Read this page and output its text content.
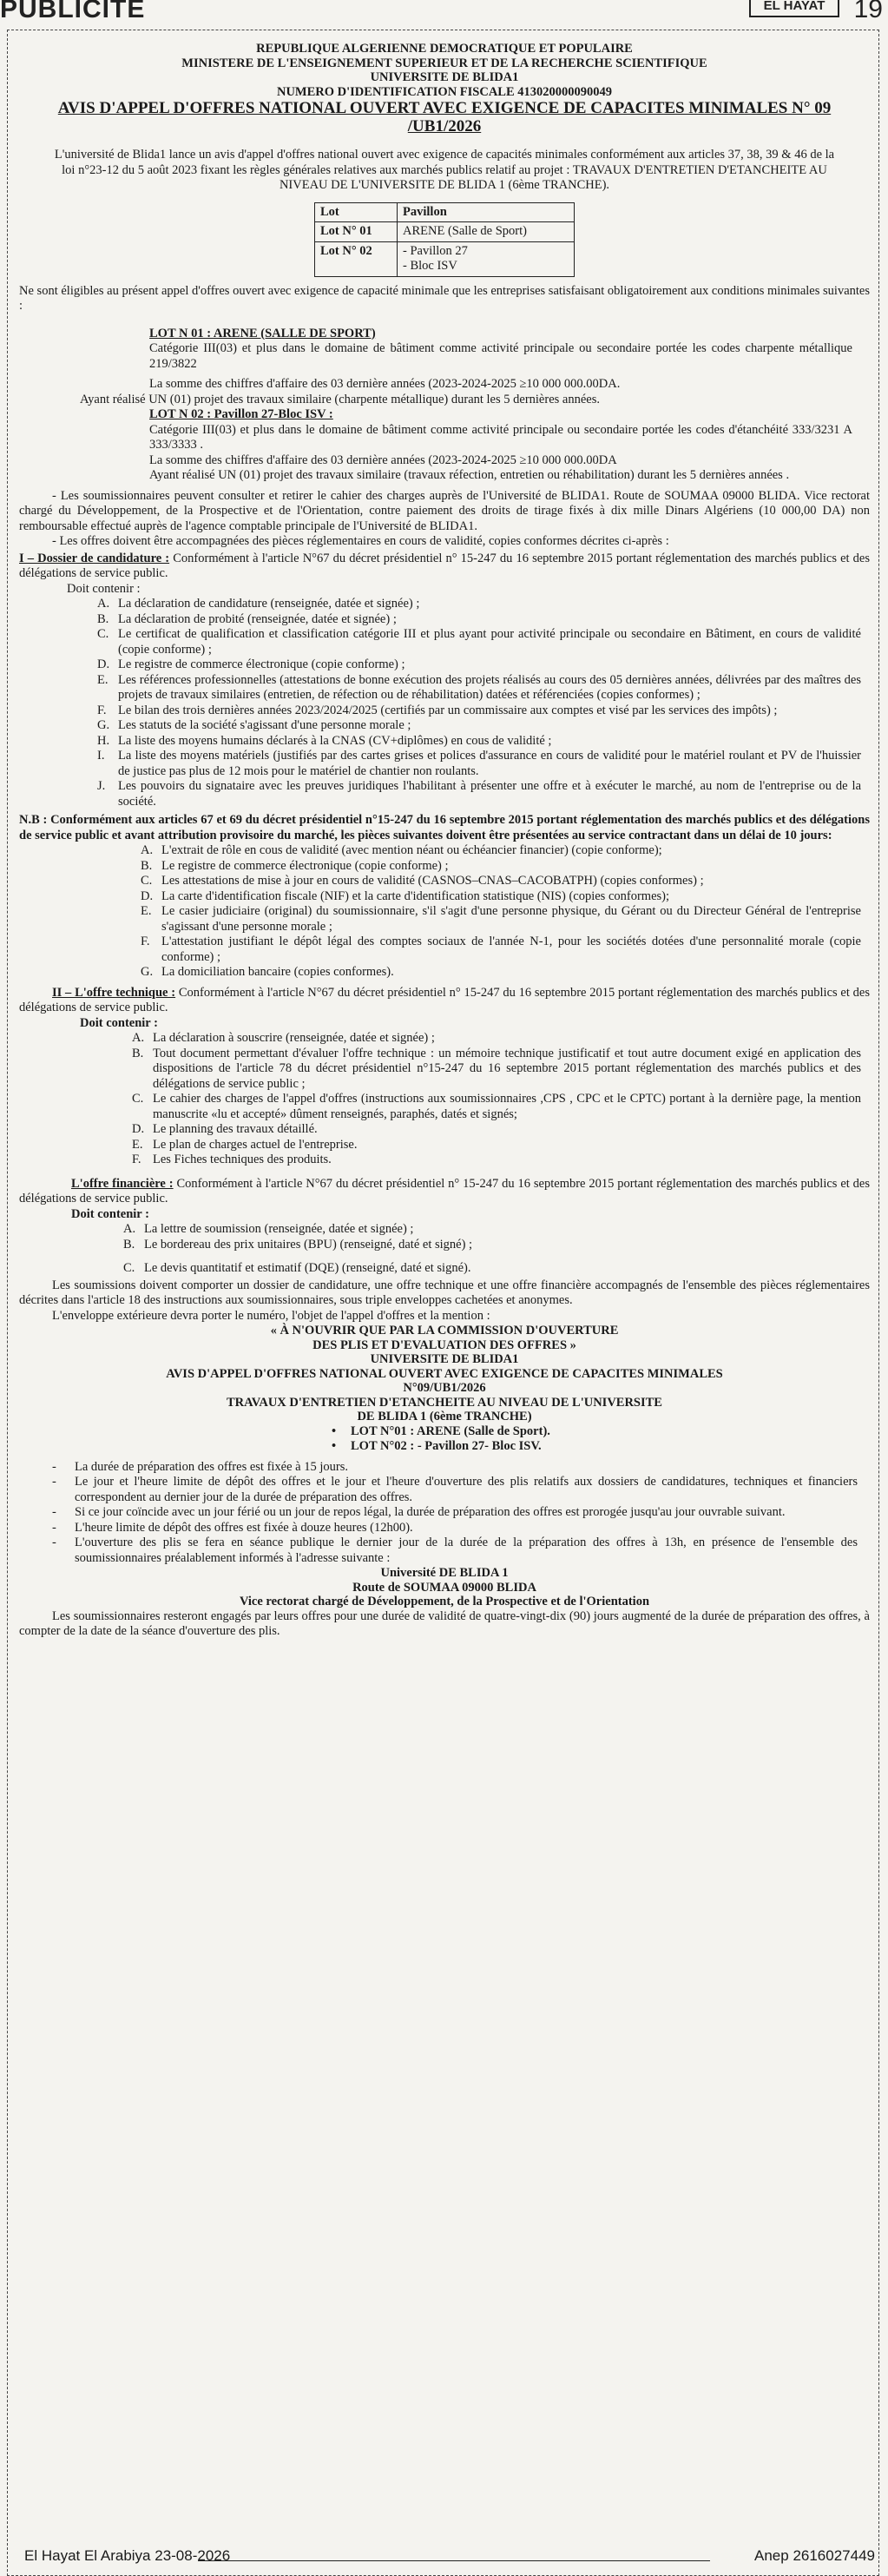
PUBLICITE	EL HAYAT	19
REPUBLIQUE ALGERIENNE DEMOCRATIQUE ET POPULAIRE
MINISTERE DE L'ENSEIGNEMENT SUPERIEUR ET DE LA RECHERCHE SCIENTIFIQUE
UNIVERSITE DE BLIDA1
NUMERO D'IDENTIFICATION FISCALE 413020000090049
AVIS D'APPEL D'OFFRES NATIONAL OUVERT AVEC EXIGENCE DE CAPACITES MINIMALES N° 09 /UB1/2026
L'université de Blida1 lance un avis d'appel d'offres national ouvert avec exigence de capacités minimales conformément aux articles 37, 38, 39 & 46 de la loi n°23-12 du 5 août 2023 fixant les règles générales relatives aux marchés publics relatif au projet : TRAVAUX D'ENTRETIEN D'ETANCHEITE AU NIVEAU DE L'UNIVERSITE DE BLIDA 1 (6ème TRANCHE).
Lot	Pavillon
Lot N° 01	ARENE (Salle de Sport)
Lot N° 02	- Pavillon 27
- Bloc ISV
Ne sont éligibles au présent appel d'offres ouvert avec exigence de capacité minimale que les entreprises satisfaisant obligatoirement aux conditions minimales suivantes :
LOT N 01 : ARENE (SALLE DE SPORT)
Catégorie III(03) et plus dans le domaine de bâtiment comme activité principale ou secondaire portée les codes charpente métallique 219/3822
La somme des chiffres d'affaire des 03 dernière années (2023-2024-2025 ≥10 000 000.00DA.
Ayant réalisé UN (01) projet des travaux similaire (charpente métallique) durant les 5 dernières années.
LOT N 02 : Pavillon 27-Bloc ISV :
Catégorie III(03) et plus dans le domaine de bâtiment comme activité principale ou secondaire portée les codes d'étanchéité 333/3231 A 333/3333 .
La somme des chiffres d'affaire des 03 dernière années (2023-2024-2025 ≥10 000 000.00DA
Ayant réalisé UN (01) projet des travaux similaire (travaux réfection, entretien ou réhabilitation) durant les 5 dernières années .
- Les soumissionnaires peuvent consulter et retirer le cahier des charges auprès de l'Université de BLIDA1. Route de SOUMAA 09000 BLIDA. Vice rectorat chargé du Développement, de la Prospective et de l'Orientation, contre paiement des droits de tirage fixés à dix mille Dinars Algériens (10 000,00 DA) non remboursable effectué auprès de l'agence comptable principale de l'Université de BLIDA1.
- Les offres doivent être accompagnées des pièces réglementaires en cours de validité, copies conformes décrites ci-après :
I – Dossier de candidature : Conformément à l'article N°67 du décret présidentiel n° 15-247 du 16 septembre 2015 portant réglementation des marchés publics et des délégations de service public.
Doit contenir :
A. La déclaration de candidature (renseignée, datée et signée) ;
B. La déclaration de probité (renseignée, datée et signée) ;
C. Le certificat de qualification et classification catégorie III et plus ayant pour activité principale ou secondaire en Bâtiment, en cours de validité (copie conforme) ;
D. Le registre de commerce électronique (copie conforme) ;
E. Les références professionnelles (attestations de bonne exécution des projets réalisés au cours des 05 dernières années, délivrées par des maîtres des projets de travaux similaires (entretien, de réfection ou de réhabilitation) datées et référenciées (copies conformes) ;
F. Le bilan des trois dernières années 2023/2024/2025 (certifiés par un commissaire aux comptes et visé par les services des impôts) ;
G. Les statuts de la société s'agissant d'une personne morale ;
H. La liste des moyens humains déclarés à la CNAS (CV+diplômes) en cous de validité ;
I. La liste des moyens matériels (justifiés par des cartes grises et polices d'assurance en cours de validité pour le matériel roulant et PV de l'huissier de justice pas plus de 12 mois pour le matériel de chantier non roulants.
J. Les pouvoirs du signataire avec les preuves juridiques l'habilitant à présenter une offre et à exécuter le marché, au nom de l'entreprise ou de la société.
N.B : Conformément aux articles 67 et 69 du décret présidentiel n°15-247 du 16 septembre 2015 portant réglementation des marchés publics et des délégations de service public et avant attribution provisoire du marché, les pièces suivantes doivent être présentées au service contractant dans un délai de 10 jours:
A. L'extrait de rôle en cous de validité (avec mention néant ou échéancier financier) (copie conforme);
B. Le registre de commerce électronique (copie conforme) ;
C. Les attestations de mise à jour en cours de validité (CASNOS–CNAS–CACOBATPH) (copies conformes) ;
D. La carte d'identification fiscale (NIF) et la carte d'identification statistique (NIS) (copies conformes);
E. Le casier judiciaire (original) du soumissionnaire, s'il s'agit d'une personne physique, du Gérant ou du Directeur Général de l'entreprise s'agissant d'une personne morale ;
F. L'attestation justifiant le dépôt légal des comptes sociaux de l'année N-1, pour les sociétés dotées d'une personnalité morale (copie conforme) ;
G. La domiciliation bancaire (copies conformes).
II – L'offre technique : Conformément à l'article N°67 du décret présidentiel n° 15-247 du 16 septembre 2015 portant réglementation des marchés publics et des délégations de service public.
Doit contenir :
A. La déclaration à souscrire (renseignée, datée et signée) ;
B. Tout document permettant d'évaluer l'offre technique : un mémoire technique justificatif et tout autre document exigé en application des dispositions de l'article 78 du décret présidentiel n°15-247 du 16 septembre 2015 portant réglementation des marchés publics et des délégations de service public ;
C. Le cahier des charges de l'appel d'offres (instructions aux soumissionnaires ,CPS , CPC et le CPTC) portant à la dernière page, la mention manuscrite «lu et accepté» dûment renseignés, paraphés, datés et signés;
D. Le planning des travaux détaillé.
E. Le plan de charges actuel de l'entreprise.
F. Les Fiches techniques des produits.
L'offre financière : Conformément à l'article N°67 du décret présidentiel n° 15-247 du 16 septembre 2015 portant réglementation des marchés publics et des délégations de service public.
Doit contenir :
A. La lettre de soumission (renseignée, datée et signée) ;
B. Le bordereau des prix unitaires (BPU) (renseigné, daté et signé) ;
C. Le devis quantitatif et estimatif (DQE) (renseigné, daté et signé).
Les soumissions doivent comporter un dossier de candidature, une offre technique et une offre financière accompagnés de l'ensemble des pièces réglementaires décrites dans l'article 18 des instructions aux soumissionnaires, sous triple enveloppes cachetées et anonymes.
L'enveloppe extérieure devra porter le numéro, l'objet de l'appel d'offres et la mention :
« À N'OUVRIR QUE PAR LA COMMISSION D'OUVERTURE
DES PLIS ET D'EVALUATION DES OFFRES »
UNIVERSITE DE BLIDA1
AVIS D'APPEL D'OFFRES NATIONAL OUVERT AVEC EXIGENCE DE CAPACITES MINIMALES
N°09/UB1/2026
TRAVAUX D'ENTRETIEN D'ETANCHEITE AU NIVEAU DE L'UNIVERSITE
DE BLIDA 1 (6ème TRANCHE)
• LOT N°01 : ARENE (Salle de Sport).
• LOT N°02 : - Pavillon 27- Bloc ISV.
- La durée de préparation des offres est fixée à 15 jours.
- Le jour et l'heure limite de dépôt des offres et le jour et l'heure d'ouverture des plis relatifs aux dossiers de candidatures, techniques et financiers correspondent au dernier jour de la durée de préparation des offres.
- Si ce jour coïncide avec un jour férié ou un jour de repos légal, la durée de préparation des offres est prorogée jusqu'au jour ouvrable suivant.
- L'heure limite de dépôt des offres est fixée à douze heures (12h00).
- L'ouverture des plis se fera en séance publique le dernier jour de la durée de la préparation des offres à 13h, en présence de l'ensemble des soumissionnaires préalablement informés à l'adresse suivante :
Université DE BLIDA 1
Route de SOUMAA 09000 BLIDA
Vice rectorat chargé de Développement, de la Prospective et de l'Orientation
Les soumissionnaires resteront engagés par leurs offres pour une durée de validité de quatre-vingt-dix (90) jours augmenté de la durée de préparation des offres, à compter de la date de la séance d'ouverture des plis.
El Hayat El Arabiya 23-08-2026	Anep 2616027449
